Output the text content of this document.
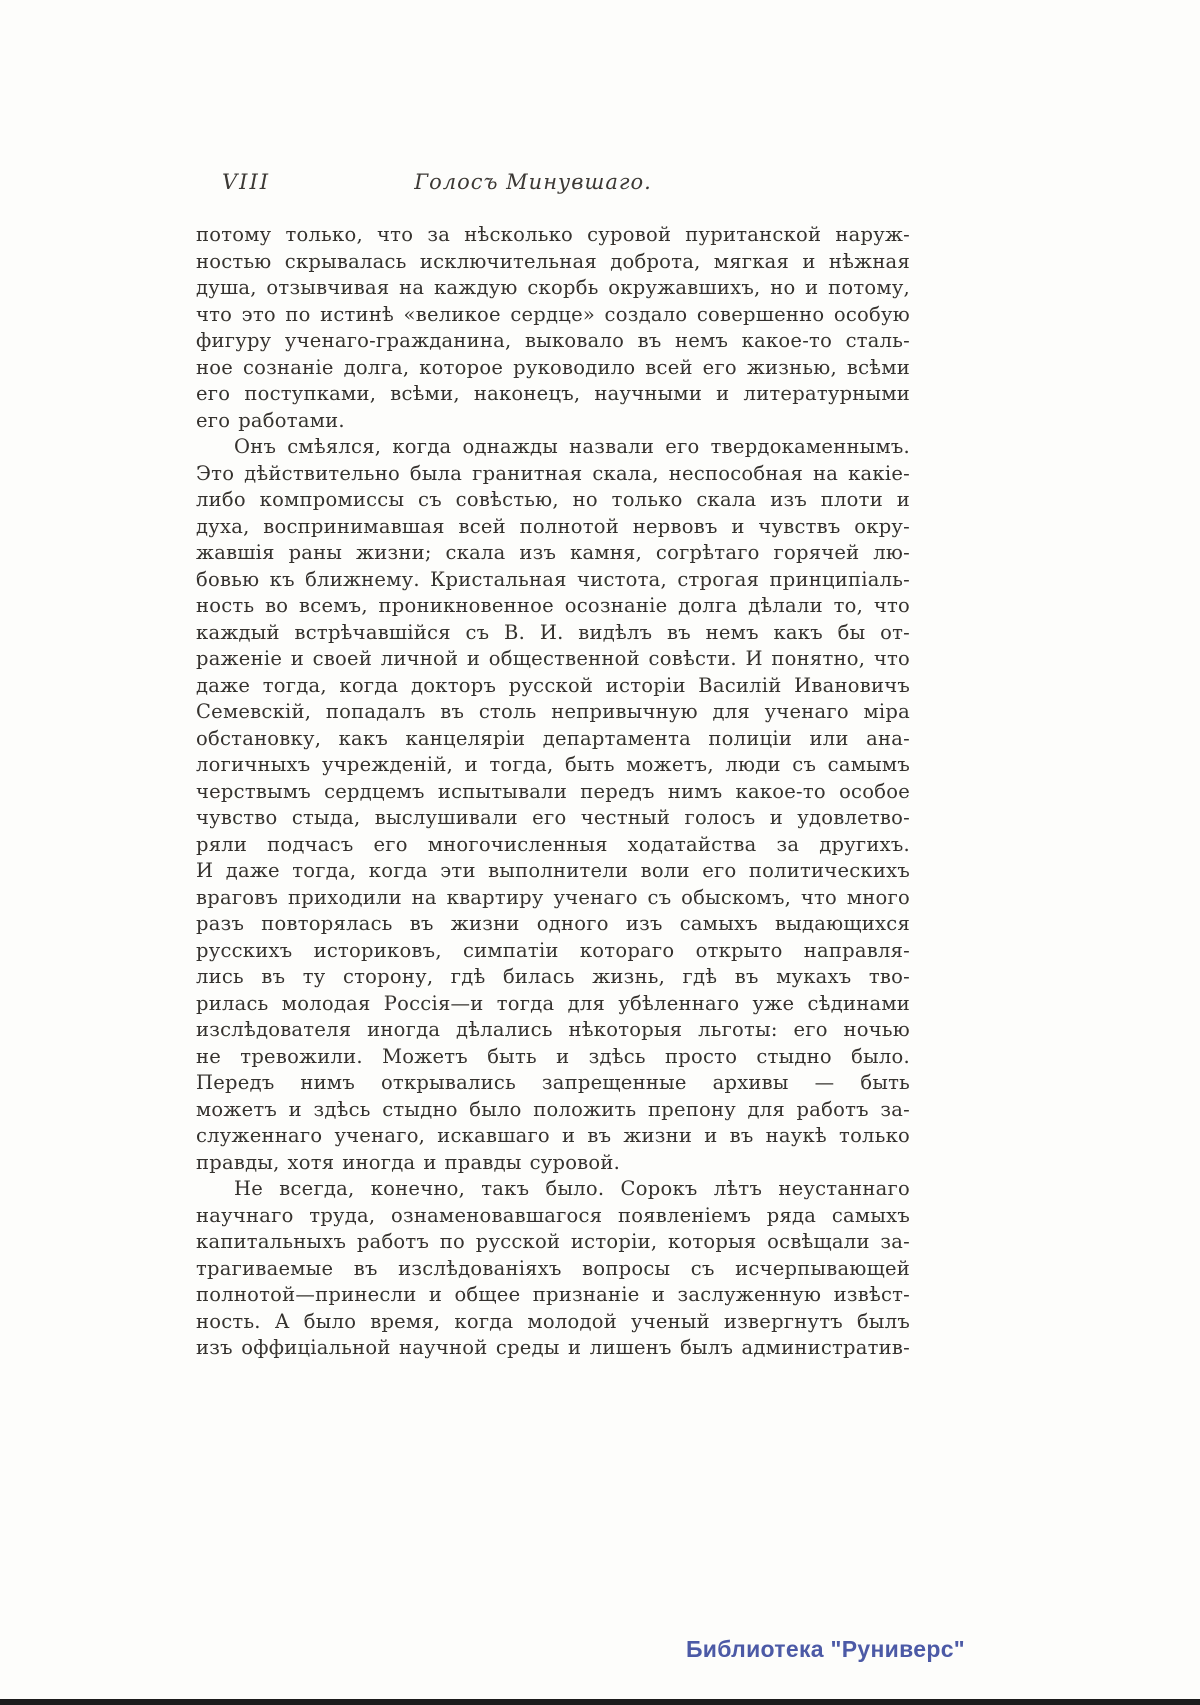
VIII	Голосъ Минувшаго.
потому только, что за нѣсколько суровой пуританской наруж-
ностью скрывалась исключительная доброта, мягкая и нѣжная
душа, отзывчивая на каждую скорбь окружавшихъ, но и потому,
что это по истинѣ «великое сердце» создало совершенно особую
фигуру ученаго-гражданина, выковало въ немъ какое-то сталь-
ное сознаніе долга, которое руководило всей его жизнью, всѣми
его поступками, всѣми, наконецъ, научными и литературными
его работами.
Онъ смѣялся, когда однажды назвали его твердокаменнымъ.
Это дѣйствительно была гранитная скала, неспособная на какіе-
либо компромиссы съ совѣстью, но только скала изъ плоти и
духа, воспринимавшая всей полнотой нервовъ и чувствъ окру-
жавшія раны жизни; скала изъ камня, согрѣтаго горячей лю-
бовью къ ближнему. Кристальная чистота, строгая принципіаль-
ность во всемъ, проникновенное осознаніе долга дѣлали то, что
каждый встрѣчавшійся съ В. И. видѣлъ въ немъ какъ бы от-
раженіе и своей личной и общественной совѣсти. И понятно, что
даже тогда, когда докторъ русской исторіи Василій Ивановичъ
Семевскій, попадалъ въ столь непривычную для ученаго міра
обстановку, какъ канцеляріи департамента полиціи или ана-
логичныхъ учрежденій, и тогда, быть можетъ, люди съ самымъ
черствымъ сердцемъ испытывали передъ нимъ какое-то особое
чувство стыда, выслушивали его честный голосъ и удовлетво-
ряли подчасъ его многочисленныя ходатайства за другихъ.
И даже тогда, когда эти выполнители воли его политическихъ
враговъ приходили на квартиру ученаго съ обыскомъ, что много
разъ повторялась въ жизни одного изъ самыхъ выдающихся
русскихъ историковъ, симпатіи котораго открыто направля-
лись въ ту сторону, гдѣ билась жизнь, гдѣ въ мукахъ тво-
рилась молодая Россія—и тогда для убѣленнаго уже сѣдинами
изслѣдователя иногда дѣлались нѣкоторыя льготы: его ночью
не тревожили. Можетъ быть и здѣсь просто стыдно было.
Передъ нимъ открывались запрещенные архивы — быть
можетъ и здѣсь стыдно было положить препону для работъ за-
служеннаго ученаго, искавшаго и въ жизни и въ наукѣ только
правды, хотя иногда и правды суровой.
Не всегда, конечно, такъ было. Сорокъ лѣтъ неустаннаго
научнаго труда, ознаменовавшагося появленіемъ ряда самыхъ
капитальныхъ работъ по русской исторіи, которыя освѣщали за-
трагиваемые въ изслѣдованіяхъ вопросы съ исчерпывающей
полнотой—принесли и общее признаніе и заслуженную извѣст-
ность. А было время, когда молодой ученый извергнутъ былъ
изъ оффиціальной научной среды и лишенъ былъ административ-
Библиотека "Руниверс"
